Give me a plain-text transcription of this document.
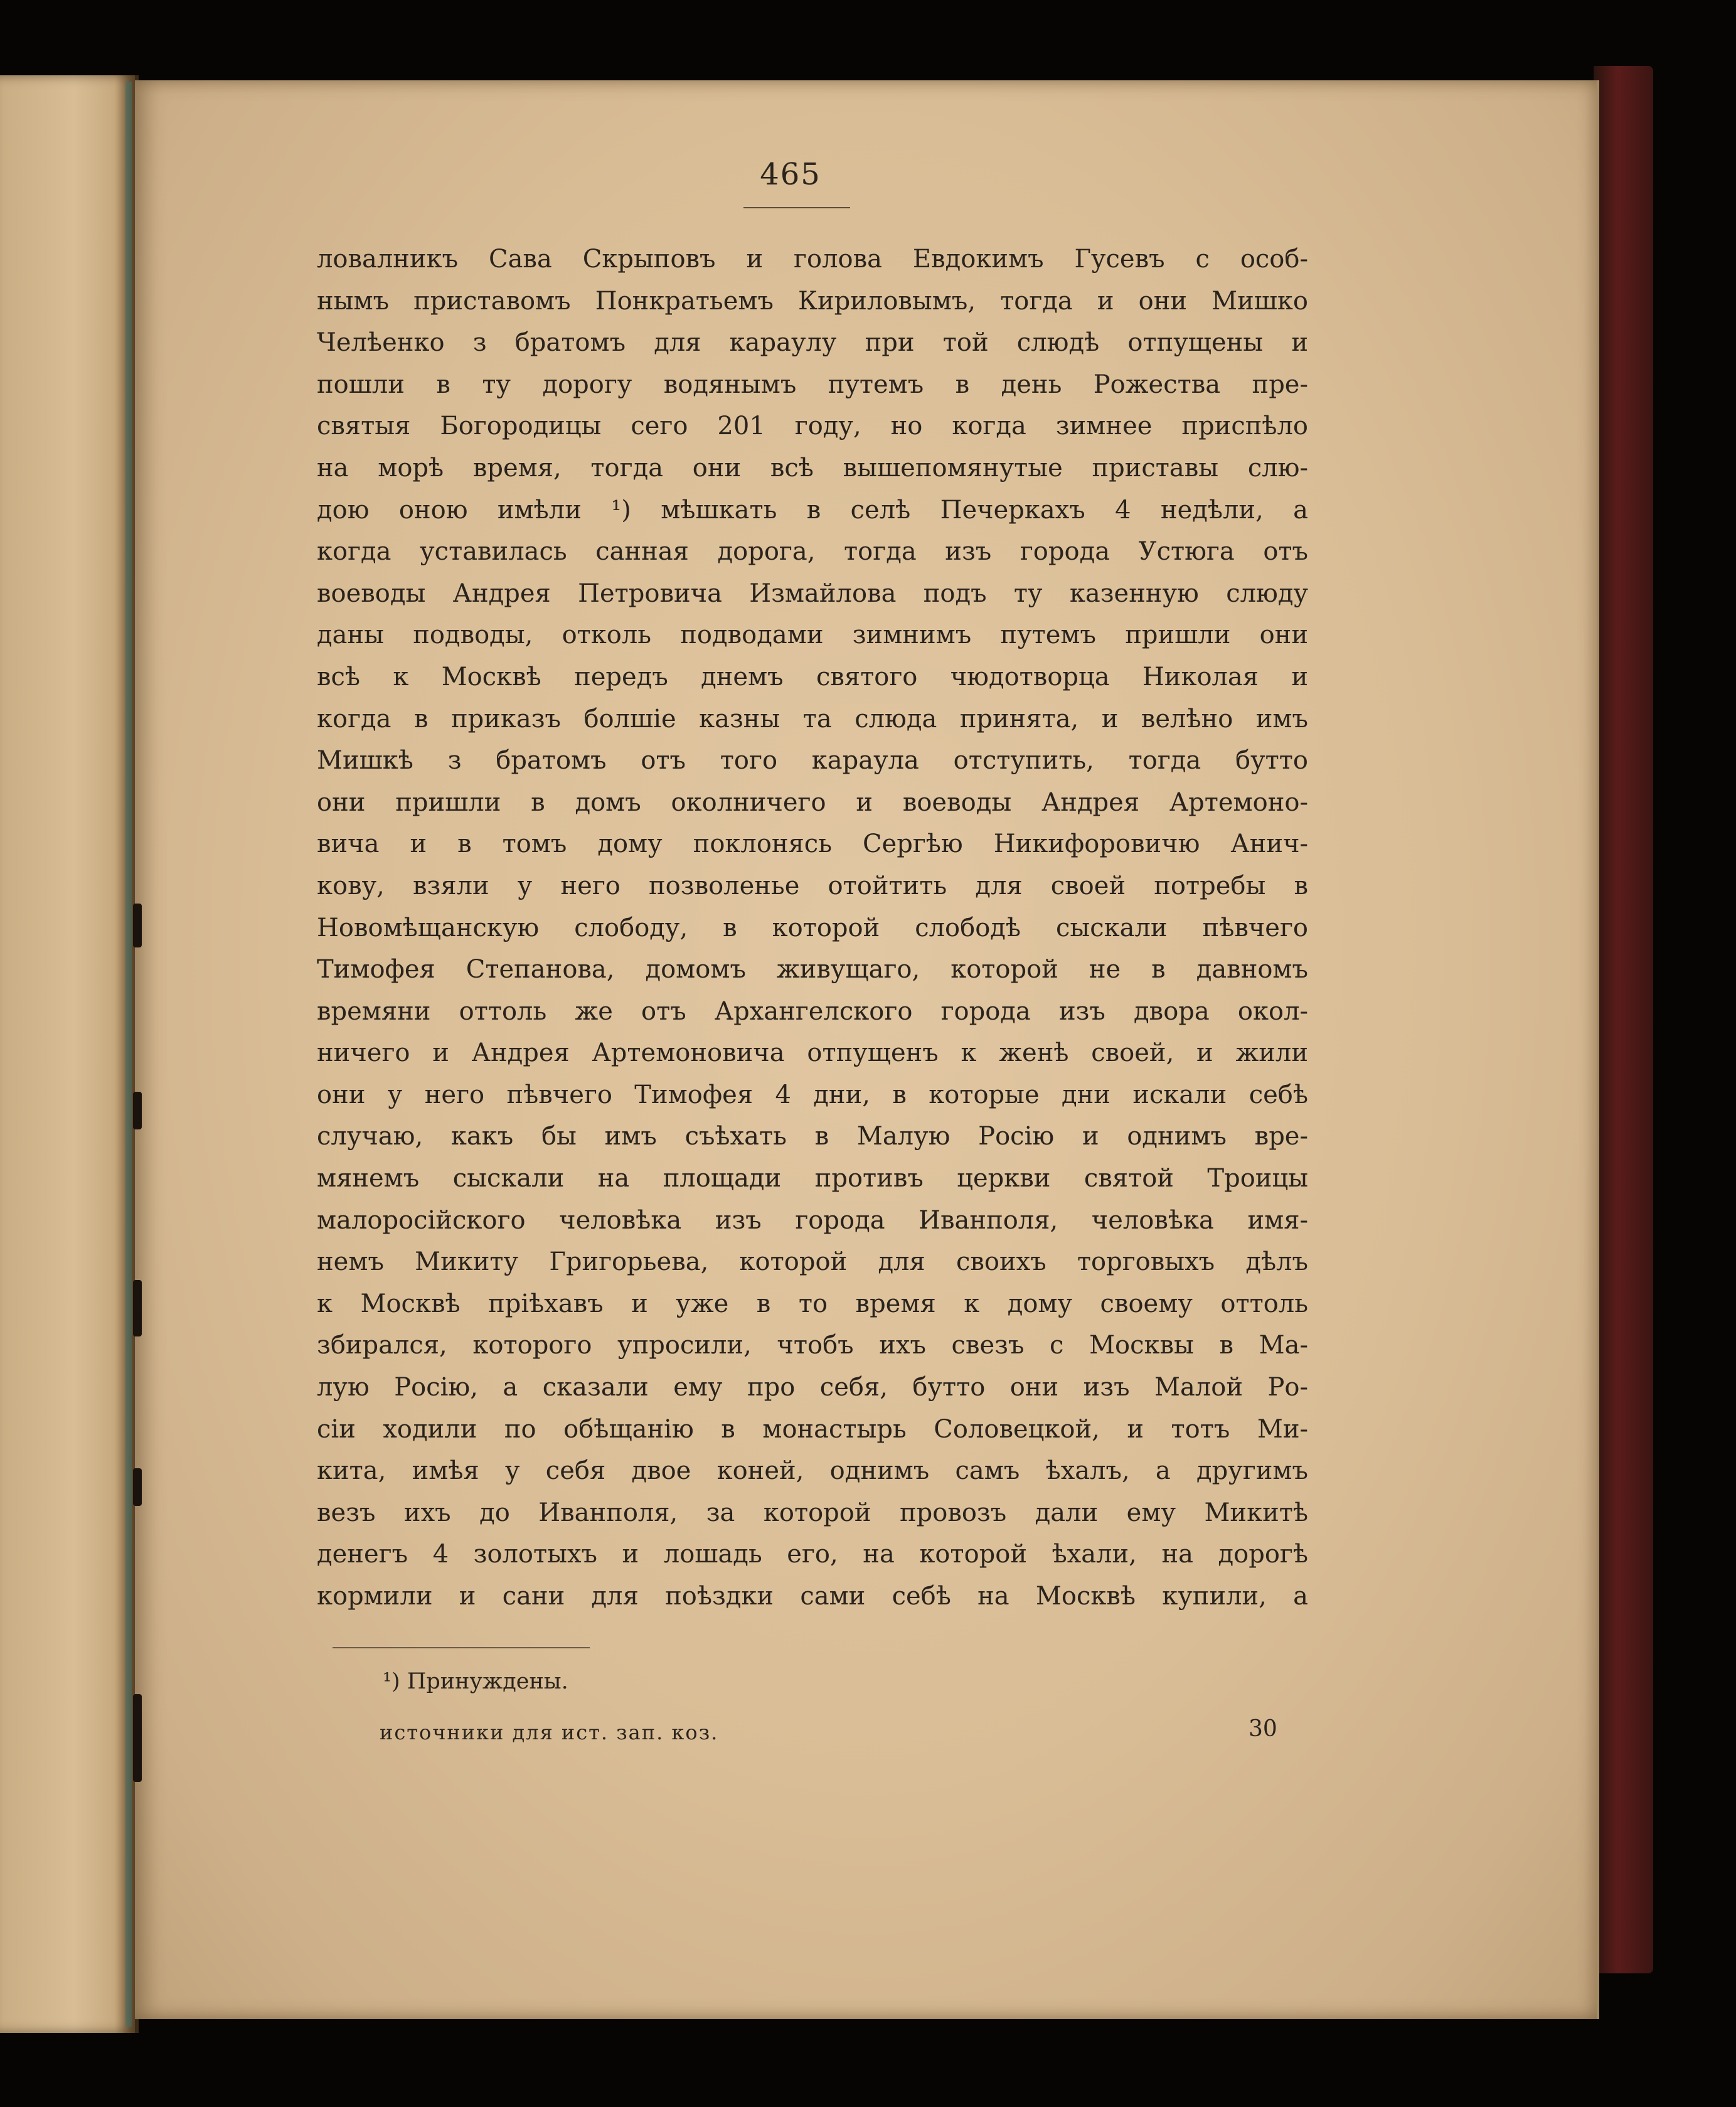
465
ловалникъ Сава Скрыповъ и голова Евдокимъ Гусевъ с особ-
нымъ приставомъ Понкратьемъ Кириловымъ, тогда и они Мишко
Челѣенко з братомъ для караулу при той слюдѣ отпущены и
пошли в ту дорогу водянымъ путемъ в день Рожества пре-
святыя Богородицы сего 201 году, но когда зимнее приспѣло
на морѣ время, тогда они всѣ вышепомянутые приставы слю-
дою оною имѣли ¹) мѣшкать в селѣ Печеркахъ 4 недѣли, а
когда уставилась санная дорога, тогда изъ города Устюга отъ
воеводы Андрея Петровича Измайлова подъ ту казенную слюду
даны подводы, отколь подводами зимнимъ путемъ пришли они
всѣ к Москвѣ передъ днемъ святого чюдотворца Николая и
когда в приказъ болшіе казны та слюда принята, и велѣно имъ
Мишкѣ з братомъ отъ того караула отступить, тогда бутто
они пришли в домъ околничего и воеводы Андрея Артемоно-
вича и в томъ дому поклонясь Сергѣю Никифоровичю Анич-
кову, взяли у него позволенье отойтить для своей потребы в
Новомѣщанскую слободу, в которой слободѣ сыскали пѣвчего
Тимофея Степанова, домомъ живущаго, которой не в давномъ
времяни оттоль же отъ Архангелского города изъ двора окол-
ничего и Андрея Артемоновича отпущенъ к женѣ своей, и жили
они у него пѣвчего Тимофея 4 дни, в которые дни искали себѣ
случаю, какъ бы имъ съѣхать в Малую Росію и однимъ вре-
мянемъ сыскали на площади противъ церкви святой Троицы
малоросійского человѣка изъ города Иванполя, человѣка имя-
немъ Микиту Григорьева, которой для своихъ торговыхъ дѣлъ
к Москвѣ пріѣхавъ и уже в то время к дому своему оттоль
збирался, которого упросили, чтобъ ихъ свезъ с Москвы в Ма-
лую Росію, а сказали ему про себя, бутто они изъ Малой Ро-
сіи ходили по обѣщанію в монастырь Соловецкой, и тотъ Ми-
кита, имѣя у себя двое коней, однимъ самъ ѣхалъ, а другимъ
везъ ихъ до Иванполя, за которой провозъ дали ему Микитѣ
денегъ 4 золотыхъ и лошадь его, на которой ѣхали, на дорогѣ
кормили и сани для поѣздки сами себѣ на Москвѣ купили, а
¹) Принуждены.
источники для ист. зап. коз.	30
